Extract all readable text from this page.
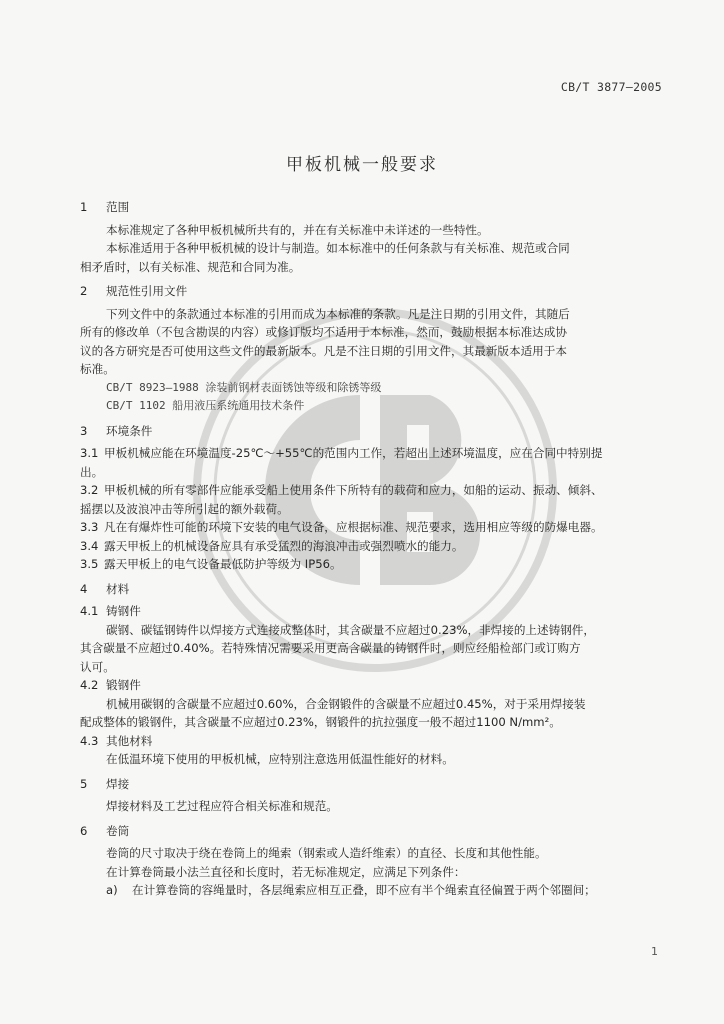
CB/T 3877—2005
甲板机械一般要求

1 范围

本标准规定了各种甲板机械所共有的，并在有关标准中未详述的一些特性。

本标准适用于各种甲板机械的设计与制造。如本标准中的任何条款与有关标准、规范或合同

相矛盾时，以有关标准、规范和合同为准。

2 规范性引用文件

下列文件中的条款通过本标准的引用而成为本标准的条款。凡是注日期的引用文件，其随后

所有的修改单（不包含勘误的内容）或修订版均不适用于本标准，然而，鼓励根据本标准达成协

议的各方研究是否可使用这些文件的最新版本。凡是不注日期的引用文件，其最新版本适用于本

标准。

CB/T 8923—1988 涂装前钢材表面锈蚀等级和除锈等级

CB/T 1102 船用液压系统通用技术条件

3 环境条件

3.1 甲板机械应能在环境温度-25℃～+55℃的范围内工作，若超出上述环境温度，应在合同中特别提

出。

3.2 甲板机械的所有零部件应能承受船上使用条件下所特有的载荷和应力，如船的运动、振动、倾斜、

摇摆以及波浪冲击等所引起的额外载荷。

3.3 凡在有爆炸性可能的环境下安装的电气设备，应根据标准、规范要求，选用相应等级的防爆电器。

3.4 露天甲板上的机械设备应具有承受猛烈的海浪冲击或强烈喷水的能力。

3.5 露天甲板上的电气设备最低防护等级为 IP56。

4 材料

4.1 铸钢件

碳钢、碳锰钢铸件以焊接方式连接成整体时，其含碳量不应超过0.23%，非焊接的上述铸钢件，

其含碳量不应超过0.40%。若特殊情况需要采用更高含碳量的铸钢件时，则应经船检部门或订购方

认可。

4.2 锻钢件

机械用碳钢的含碳量不应超过0.60%，合金钢锻件的含碳量不应超过0.45%，对于采用焊接装

配成整体的锻钢件，其含碳量不应超过0.23%，钢锻件的抗拉强度一般不超过1100 N/mm²。

4.3 其他材料

在低温环境下使用的甲板机械，应特别注意选用低温性能好的材料。

5 焊接

焊接材料及工艺过程应符合相关标准和规范。

6 卷筒

卷筒的尺寸取决于绕在卷筒上的绳索（钢索或人造纤维索）的直径、长度和其他性能。

在计算卷筒最小法兰直径和长度时，若无标准规定，应满足下列条件：

a) 在计算卷筒的容绳量时，各层绳索应相互正叠，即不应有半个绳索直径偏置于两个邻圈间；

1
